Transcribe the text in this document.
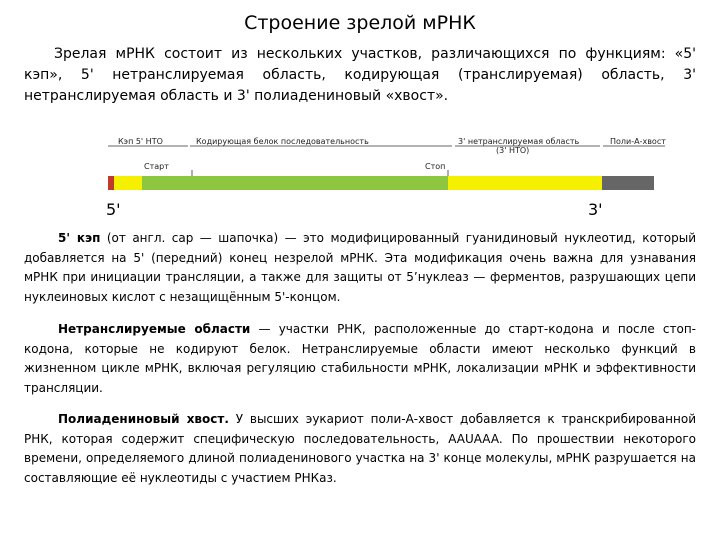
Строение зрелой мРНК

Зрелая мРНК состоит из нескольких участков, различающихся по функциям: «5' кэп», 5' нетранслируемая область, кодирующая (транслируемая) область, 3' нетранслируемая область и 3' полиадениновый «хвост».

Кэп 5' НТО	Кодирующая белок последовательность	3' нетранслируемая область
(3' НТО)
Поли-А-хвост
Старт	Стоп
5'	3'

5' кэп (от англ. cap — шапочка) — это модифицированный гуанидиновый нуклеотид, который добавляется на 5' (передний) конец незрелой мРНК. Эта модификация очень важна для узнавания мРНК при инициации трансляции, а также для защиты от 5’нуклеаз — ферментов, разрушающих цепи нуклеиновых кислот с незащищённым 5'-концом.

Нетранслируемые области — участки РНК, расположенные до старт-кодона и после стоп-кодона, которые не кодируют белок. Нетранслируемые области имеют несколько функций в жизненном цикле мРНК, включая регуляцию стабильности мРНК, локализации мРНК и эффективности трансляции.

Полиадениновый хвост. У высших эукариот поли-А-хвост добавляется к транскрибированной РНК, которая содержит специфическую последовательность, AAUAAA. По прошествии некоторого времени, определяемого длиной полиаденинового участка на 3' конце молекулы, мРНК разрушается на составляющие её нуклеотиды с участием РНКаз.
